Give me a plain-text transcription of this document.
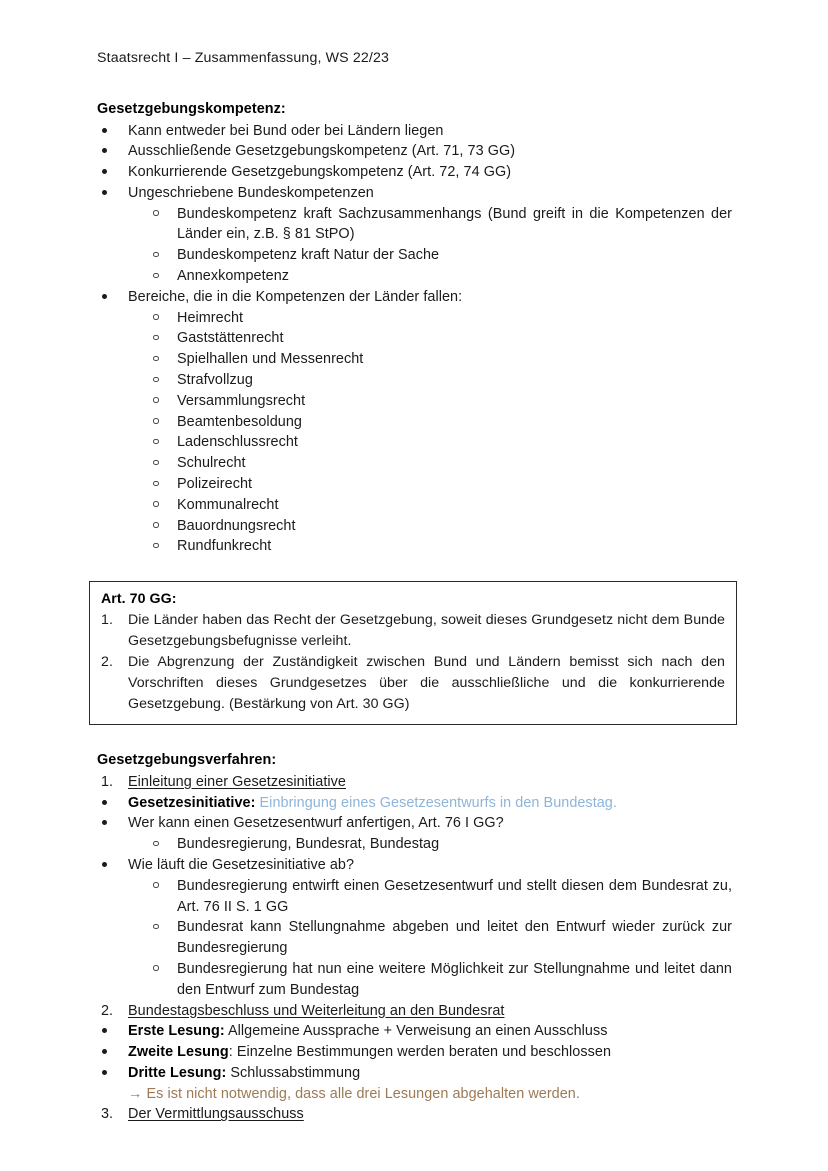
Staatsrecht I – Zusammenfassung, WS 22/23
Gesetzgebungskompetenz:
Kann entweder bei Bund oder bei Ländern liegen
Ausschließende Gesetzgebungskompetenz (Art. 71, 73 GG)
Konkurrierende Gesetzgebungskompetenz (Art. 72, 74 GG)
Ungeschriebene Bundeskompetenzen
Bundeskompetenz kraft Sachzusammenhangs (Bund greift in die Kompetenzen der Länder ein, z.B. § 81 StPO)
Bundeskompetenz kraft Natur der Sache
Annexkompetenz
Bereiche, die in die Kompetenzen der Länder fallen:
Heimrecht
Gaststättenrecht
Spielhallen und Messenrecht
Strafvollzug
Versammlungsrecht
Beamtenbesoldung
Ladenschlussrecht
Schulrecht
Polizeirecht
Kommunalrecht
Bauordnungsrecht
Rundfunkrecht
Art. 70 GG:
1. Die Länder haben das Recht der Gesetzgebung, soweit dieses Grundgesetz nicht dem Bunde Gesetzgebungsbefugnisse verleiht.
2. Die Abgrenzung der Zuständigkeit zwischen Bund und Ländern bemisst sich nach den Vorschriften dieses Grundgesetzes über die ausschließliche und die konkurrierende Gesetzgebung. (Bestärkung von Art. 30 GG)
Gesetzgebungsverfahren:
1. Einleitung einer Gesetzesinitiative
Gesetzesinitiative: Einbringung eines Gesetzesentwurfs in den Bundestag.
Wer kann einen Gesetzesentwurf anfertigen, Art. 76 I GG?
Bundesregierung, Bundesrat, Bundestag
Wie läuft die Gesetzesinitiative ab?
Bundesregierung entwirft einen Gesetzesentwurf und stellt diesen dem Bundesrat zu, Art. 76 II S. 1 GG
Bundesrat kann Stellungnahme abgeben und leitet den Entwurf wieder zurück zur Bundesregierung
Bundesregierung hat nun eine weitere Möglichkeit zur Stellungnahme und leitet dann den Entwurf zum Bundestag
2. Bundestagsbeschluss und Weiterleitung an den Bundesrat
Erste Lesung: Allgemeine Aussprache + Verweisung an einen Ausschluss
Zweite Lesung: Einzelne Bestimmungen werden beraten und beschlossen
Dritte Lesung: Schlussabstimmung
→ Es ist nicht notwendig, dass alle drei Lesungen abgehalten werden.
3. Der Vermittlungsausschuss
